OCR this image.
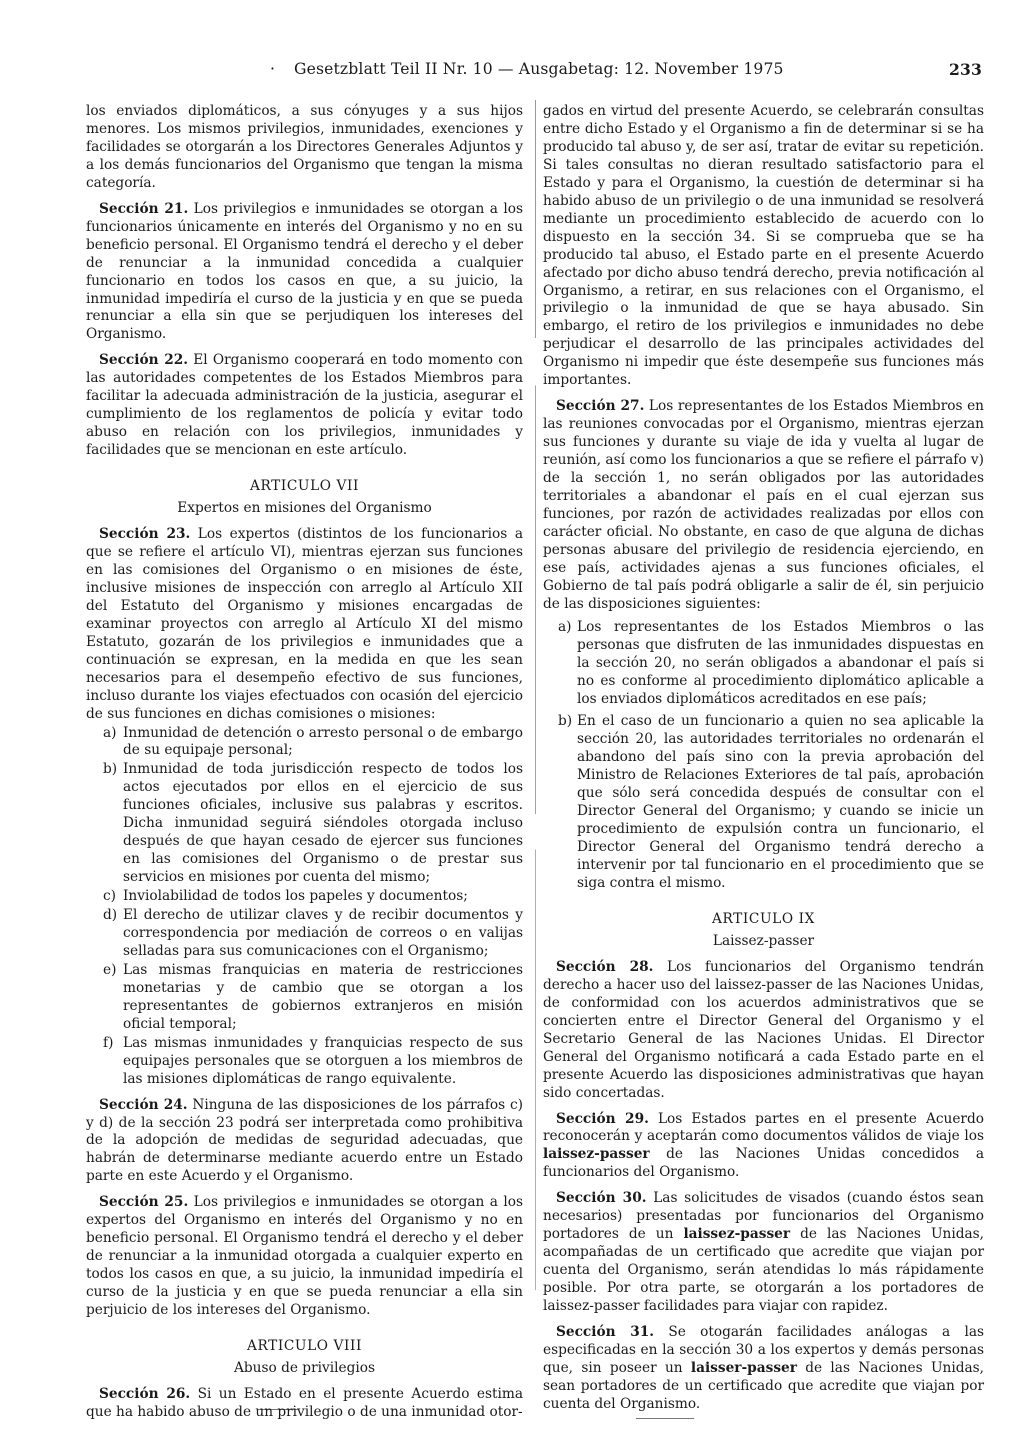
· Gesetzblatt Teil II Nr. 10 — Ausgabetag: 12. November 1975	233

los enviados diplomáticos, a sus cónyuges y a sus hijos menores. Los mismos privilegios, inmunidades, exenciones y facilidades se otorgarán a los Directores Generales Adjuntos y a los demás funcionarios del Organismo que tengan la misma categoría.

Sección 21. Los privilegios e inmunidades se otorgan a los funcionarios únicamente en interés del Organismo y no en su beneficio personal. El Organismo tendrá el derecho y el deber de renunciar a la inmunidad concedida a cualquier funcionario en todos los casos en que, a su juicio, la inmunidad impediría el curso de la justicia y en que se pueda renunciar a ella sin que se perjudiquen los intereses del Organismo.

Sección 22. El Organismo cooperará en todo momento con las autoridades competentes de los Estados Miembros para facilitar la adecuada administración de la justicia, asegurar el cumplimiento de los reglamentos de policía y evitar todo abuso en relación con los privilegios, inmunidades y facilidades que se mencionan en este artículo.

ARTICULO VII

Expertos en misiones del Organismo

Sección 23. Los expertos (distintos de los funcionarios a que se refiere el artículo VI), mientras ejerzan sus funciones en las comisiones del Organismo o en misiones de éste, inclusive misiones de inspección con arreglo al Artículo XII del Estatuto del Organismo y misiones encargadas de examinar proyectos con arreglo al Artículo XI del mismo Estatuto, gozarán de los privilegios e inmunidades que a continuación se expresan, en la medida en que les sean necesarios para el desempeño efectivo de sus funciones, incluso durante los viajes efectuados con ocasión del ejercicio de sus funciones en dichas comisiones o misiones:

a) Inmunidad de detención o arresto personal o de embargo de su equipaje personal;
b) Inmunidad de toda jurisdicción respecto de todos los actos ejecutados por ellos en el ejercicio de sus funciones oficiales, inclusive sus palabras y escritos. Dicha inmunidad seguirá siéndoles otorgada incluso después de que hayan cesado de ejercer sus funciones en las comisiones del Organismo o de prestar sus servicios en misiones por cuenta del mismo;
c) Inviolabilidad de todos los papeles y documentos;
d) El derecho de utilizar claves y de recibir documentos y correspondencia por mediación de correos o en valijas selladas para sus comunicaciones con el Organismo;
e) Las mismas franquicias en materia de restricciones monetarias y de cambio que se otorgan a los representantes de gobiernos extranjeros en misión oficial temporal;
f) Las mismas inmunidades y franquicias respecto de sus equipajes personales que se otorguen a los miembros de las misiones diplomáticas de rango equivalente.

Sección 24. Ninguna de las disposiciones de los párrafos c) y d) de la sección 23 podrá ser interpretada como prohibitiva de la adopción de medidas de seguridad adecuadas, que habrán de determinarse mediante acuerdo entre un Estado parte en este Acuerdo y el Organismo.

Sección 25. Los privilegios e inmunidades se otorgan a los expertos del Organismo en interés del Organismo y no en beneficio personal. El Organismo tendrá el derecho y el deber de renunciar a la inmunidad otorgada a cualquier experto en todos los casos en que, a su juicio, la inmunidad impediría el curso de la justicia y en que se pueda renunciar a ella sin perjuicio de los intereses del Organismo.

ARTICULO VIII

Abuso de privilegios

Sección 26. Si un Estado en el presente Acuerdo estima que ha habido abuso de un privilegio o de una inmunidad otor-

gados en virtud del presente Acuerdo, se celebrarán consultas entre dicho Estado y el Organismo a fin de determinar si se ha producido tal abuso y, de ser así, tratar de evitar su repetición. Si tales consultas no dieran resultado satisfactorio para el Estado y para el Organismo, la cuestión de determinar si ha habido abuso de un privilegio o de una inmunidad se resolverá mediante un procedimiento establecido de acuerdo con lo dispuesto en la sección 34. Si se comprueba que se ha producido tal abuso, el Estado parte en el presente Acuerdo afectado por dicho abuso tendrá derecho, previa notificación al Organismo, a retirar, en sus relaciones con el Organismo, el privilegio o la inmunidad de que se haya abusado. Sin embargo, el retiro de los privilegios e inmunidades no debe perjudicar el desarrollo de las principales actividades del Organismo ni impedir que éste desempeñe sus funciones más importantes.

Sección 27. Los representantes de los Estados Miembros en las reuniones convocadas por el Organismo, mientras ejerzan sus funciones y durante su viaje de ida y vuelta al lugar de reunión, así como los funcionarios a que se refiere el párrafo v) de la sección 1, no serán obligados por las autoridades territoriales a abandonar el país en el cual ejerzan sus funciones, por razón de actividades realizadas por ellos con carácter oficial. No obstante, en caso de que alguna de dichas personas abusare del privilegio de residencia ejerciendo, en ese país, actividades ajenas a sus funciones oficiales, el Gobierno de tal país podrá obligarle a salir de él, sin perjuicio de las disposiciones siguientes:

a) Los representantes de los Estados Miembros o las personas que disfruten de las inmunidades dispuestas en la sección 20, no serán obligados a abandonar el país si no es conforme al procedimiento diplomático aplicable a los enviados diplomáticos acreditados en ese país;
b) En el caso de un funcionario a quien no sea aplicable la sección 20, las autoridades territoriales no ordenarán el abandono del país sino con la previa aprobación del Ministro de Relaciones Exteriores de tal país, aprobación que sólo será concedida después de consultar con el Director General del Organismo; y cuando se inicie un procedimiento de expulsión contra un funcionario, el Director General del Organismo tendrá derecho a intervenir por tal funcionario en el procedimiento que se siga contra el mismo.

ARTICULO IX

Laissez-passer

Sección 28. Los funcionarios del Organismo tendrán derecho a hacer uso del laissez-passer de las Naciones Unidas, de conformidad con los acuerdos administrativos que se concierten entre el Director General del Organismo y el Secretario General de las Naciones Unidas. El Director General del Organismo notificará a cada Estado parte en el presente Acuerdo las disposiciones administrativas que hayan sido concertadas.

Sección 29. Los Estados partes en el presente Acuerdo reconocerán y aceptarán como documentos válidos de viaje los laissez-passer de las Naciones Unidas concedidos a funcionarios del Organismo.

Sección 30. Las solicitudes de visados (cuando éstos sean necesarios) presentadas por funcionarios del Organismo portadores de un laissez-passer de las Naciones Unidas, acompañadas de un certificado que acredite que viajan por cuenta del Organismo, serán atendidas lo más rápidamente posible. Por otra parte, se otorgarán a los portadores de laissez-passer facilidades para viajar con rapidez.

Sección 31. Se otogarán facilidades análogas a las especificadas en la sección 30 a los expertos y demás personas que, sin poseer un laisser-passer de las Naciones Unidas, sean portadores de un certificado que acredite que viajan por cuenta del Organismo.
